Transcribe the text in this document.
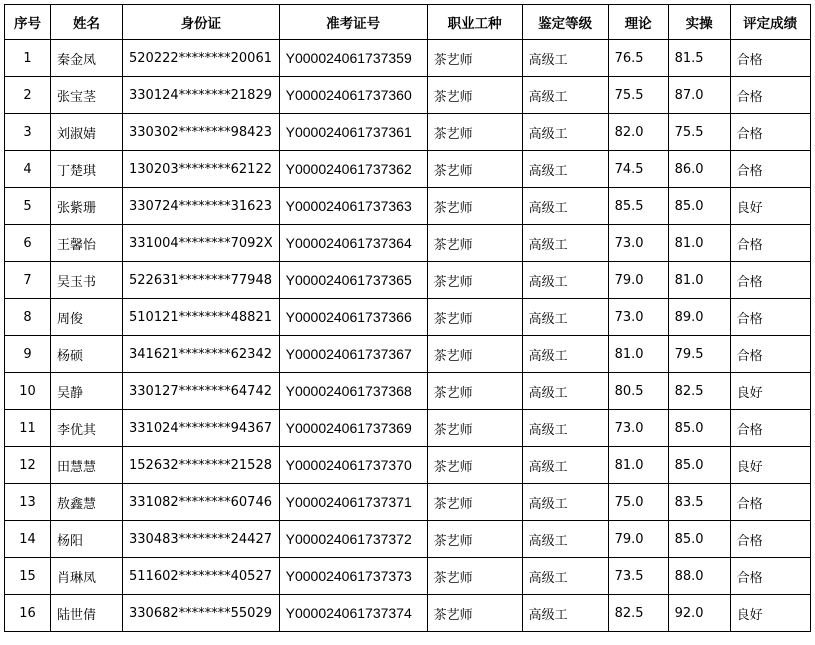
序号	姓名	身份证	准考证号	职业工种	鉴定等级	理论	实操	评定成绩
1	秦金凤	520222********20061	Y000024061737359	茶艺师	高级工	76.5	81.5	合格
2	张宝茎	330124********21829	Y000024061737360	茶艺师	高级工	75.5	87.0	合格
3	刘淑婧	330302********98423	Y000024061737361	茶艺师	高级工	82.0	75.5	合格
4	丁楚琪	130203********62122	Y000024061737362	茶艺师	高级工	74.5	86.0	合格
5	张紫珊	330724********31623	Y000024061737363	茶艺师	高级工	85.5	85.0	良好
6	王馨怡	331004********7092X	Y000024061737364	茶艺师	高级工	73.0	81.0	合格
7	吴玉书	522631********77948	Y000024061737365	茶艺师	高级工	79.0	81.0	合格
8	周俊	510121********48821	Y000024061737366	茶艺师	高级工	73.0	89.0	合格
9	杨硕	341621********62342	Y000024061737367	茶艺师	高级工	81.0	79.5	合格
10	吴静	330127********64742	Y000024061737368	茶艺师	高级工	80.5	82.5	良好
11	李优其	331024********94367	Y000024061737369	茶艺师	高级工	73.0	85.0	合格
12	田慧慧	152632********21528	Y000024061737370	茶艺师	高级工	81.0	85.0	良好
13	敖鑫慧	331082********60746	Y000024061737371	茶艺师	高级工	75.0	83.5	合格
14	杨阳	330483********24427	Y000024061737372	茶艺师	高级工	79.0	85.0	合格
15	肖琳凤	511602********40527	Y000024061737373	茶艺师	高级工	73.5	88.0	合格
16	陆世倩	330682********55029	Y000024061737374	茶艺师	高级工	82.5	92.0	良好
